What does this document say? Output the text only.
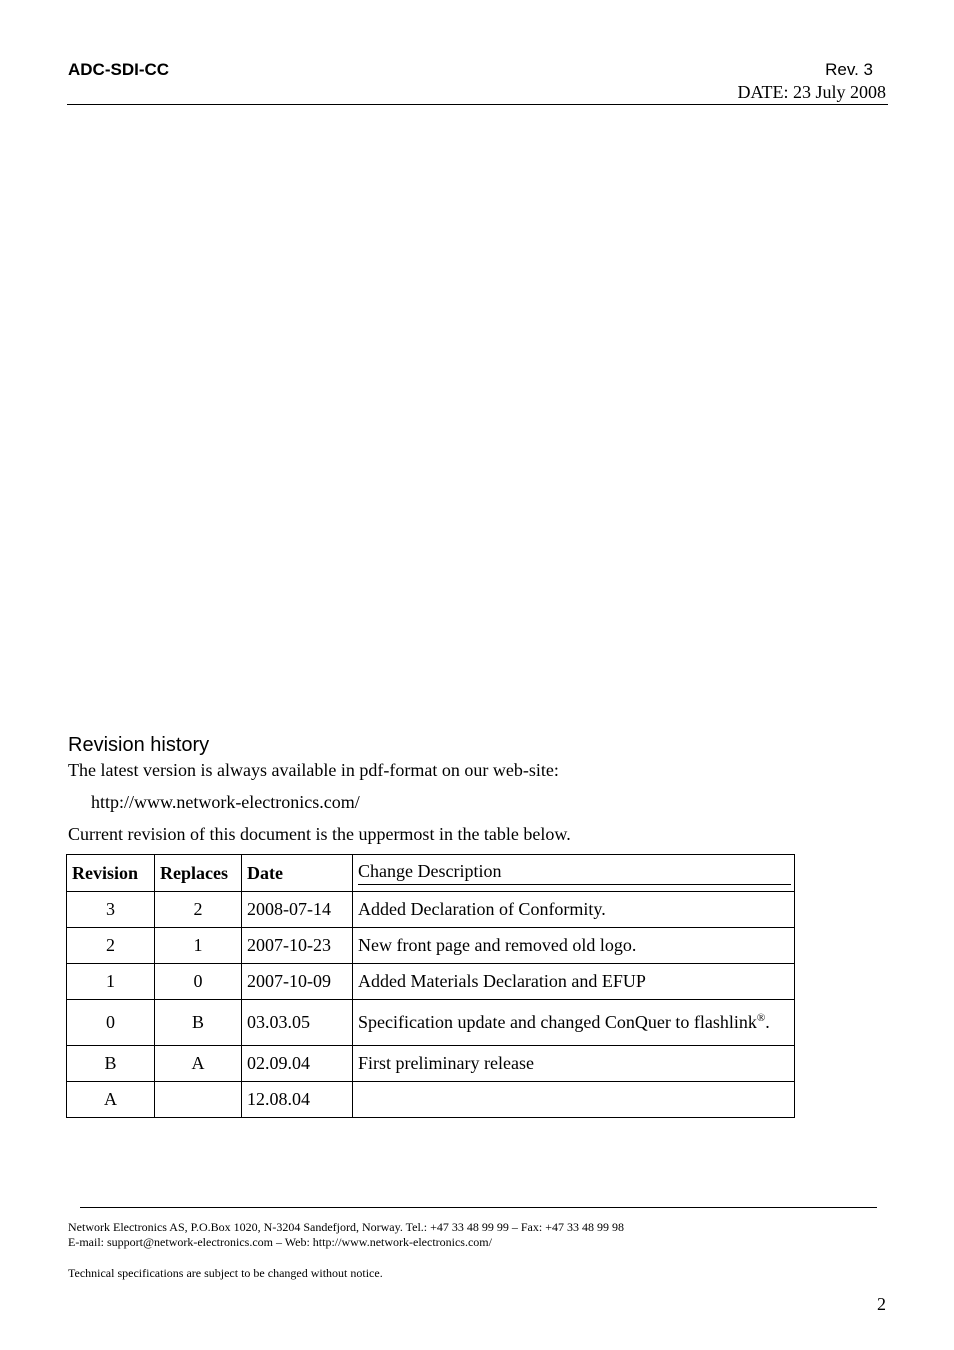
ADC-SDI-CC	Rev. 3
DATE: 23 July 2008
Revision history
The latest version is always available in pdf-format on our web-site:
http://www.network-electronics.com/
Current revision of this document is the uppermost in the table below.
Revision	Replaces	Date	Change Description

3	2	2008-07-14	Added Declaration of Conformity.
2	1	2007-10-23	New front page and removed old logo.
1	0	2007-10-09	Added Materials Declaration and EFUP
0	B	03.03.05	Specification update and changed ConQuer to flashlink®.
B	A	02.09.04	First preliminary release
A		12.08.04	
Network Electronics AS, P.O.Box 1020, N-3204 Sandefjord, Norway. Tel.: +47 33 48 99 99 – Fax: +47 33 48 99 98
E-mail: support@network-electronics.com – Web: http://www.network-electronics.com/
Technical specifications are subject to be changed without notice.
2
